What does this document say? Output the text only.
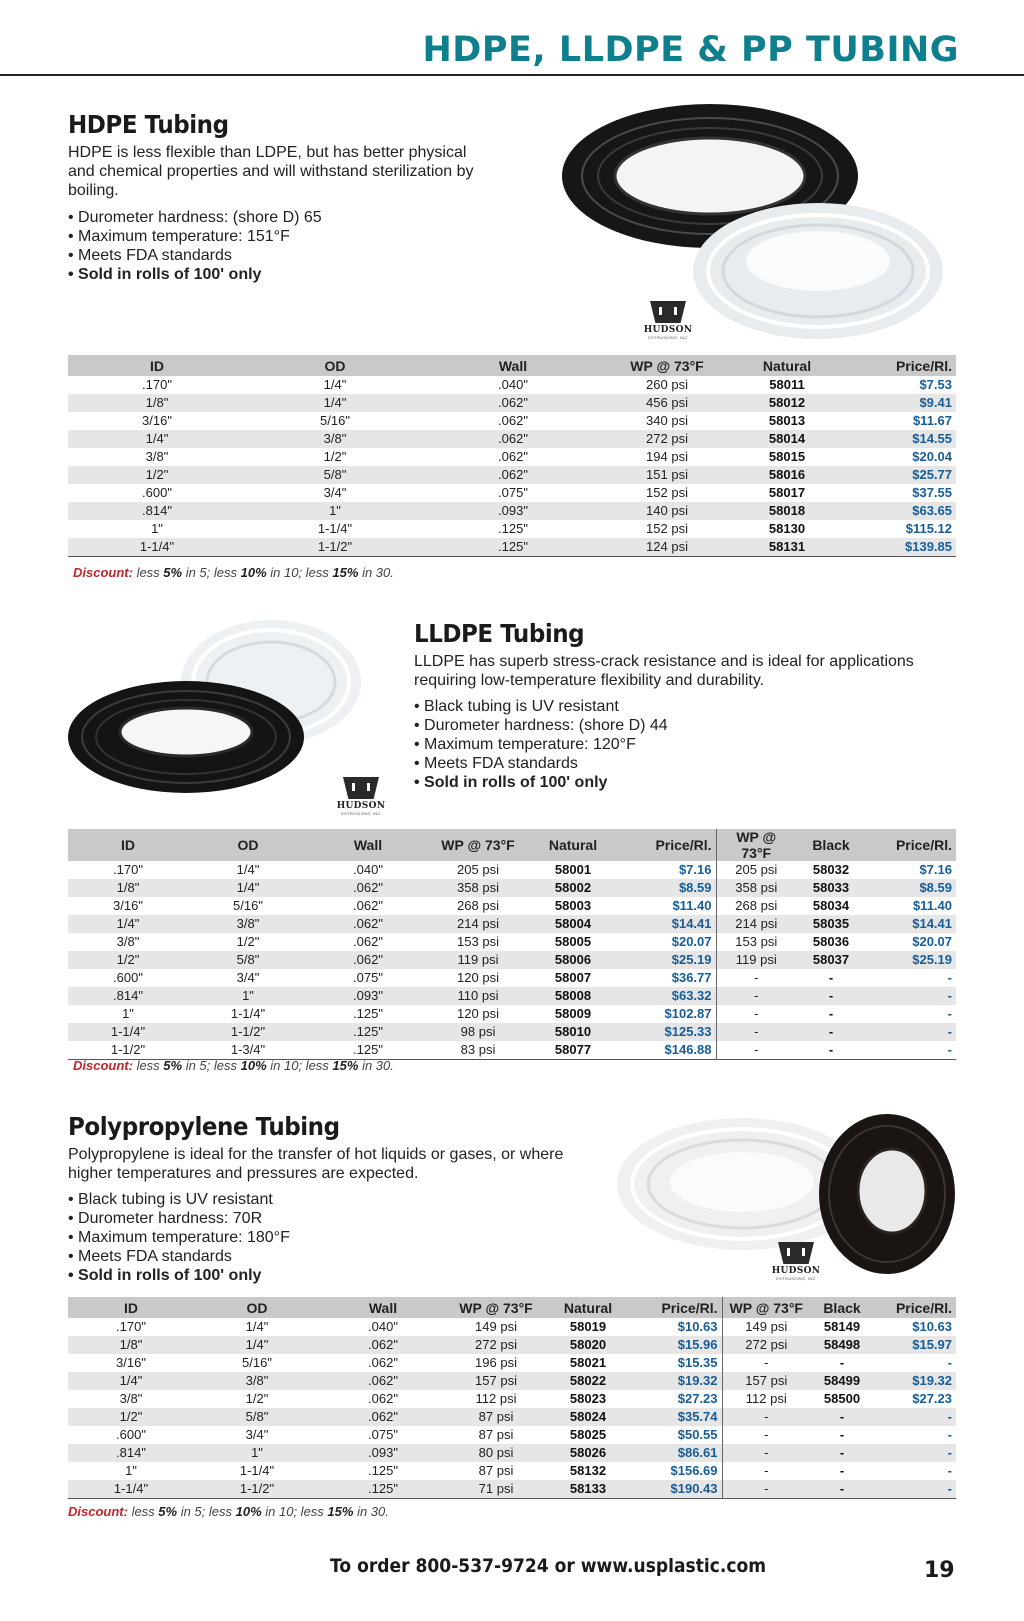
HDPE, LLDPE & PP TUBING
HDPE Tubing
HDPE is less flexible than LDPE, but has better physical and chemical properties and will withstand sterilization by boiling.
• Durometer hardness: (shore D) 65
• Maximum temperature: 151°F
• Meets FDA standards
• Sold in rolls of 100' only
HUDSON
EXTRUSIONS, INC
ID	OD	Wall	WP @ 73°F	Natural	Price/Rl.
.170"	1/4"	.040"	260 psi	58011	$7.53
1/8"	1/4"	.062"	456 psi	58012	$9.41
3/16"	5/16"	.062"	340 psi	58013	$11.67
1/4"	3/8"	.062"	272 psi	58014	$14.55
3/8"	1/2"	.062"	194 psi	58015	$20.04
1/2"	5/8"	.062"	151 psi	58016	$25.77
.600"	3/4"	.075"	152 psi	58017	$37.55
.814"	1"	.093"	140 psi	58018	$63.65
1"	1-1/4"	.125"	152 psi	58130	$115.12
1-1/4"	1-1/2"	.125"	124 psi	58131	$139.85
Discount: less 5% in 5; less 10% in 10; less 15% in 30.
HUDSON
EXTRUSIONS, INC
LLDPE Tubing
LLDPE has superb stress-crack resistance and is ideal for applications requiring low-temperature flexibility and durability.
• Black tubing is UV resistant
• Durometer hardness: (shore D) 44
• Maximum temperature: 120°F
• Meets FDA standards
• Sold in rolls of 100' only
ID	OD	Wall	WP @ 73°F	Natural	Price/Rl.	WP @ 73°F	Black	Price/Rl.
.170"	1/4"	.040"	205 psi	58001	$7.16	205 psi	58032	$7.16
1/8"	1/4"	.062"	358 psi	58002	$8.59	358 psi	58033	$8.59
3/16"	5/16"	.062"	268 psi	58003	$11.40	268 psi	58034	$11.40
1/4"	3/8"	.062"	214 psi	58004	$14.41	214 psi	58035	$14.41
3/8"	1/2"	.062"	153 psi	58005	$20.07	153 psi	58036	$20.07
1/2"	5/8"	.062"	119 psi	58006	$25.19	119 psi	58037	$25.19
.600"	3/4"	.075"	120 psi	58007	$36.77	-	-	-
.814"	1"	.093"	110 psi	58008	$63.32	-	-	-
1"	1-1/4"	.125"	120 psi	58009	$102.87	-	-	-
1-1/4"	1-1/2"	.125"	98 psi	58010	$125.33	-	-	-
1-1/2"	1-3/4"	.125"	83 psi	58077	$146.88	-	-	-
Discount: less 5% in 5; less 10% in 10; less 15% in 30.
Polypropylene Tubing
Polypropylene is ideal for the transfer of hot liquids or gases, or where higher temperatures and pressures are expected.
• Black tubing is UV resistant
• Durometer hardness: 70R
• Maximum temperature: 180°F
• Meets FDA standards
• Sold in rolls of 100' only	HUDSON
EXTRUSIONS, INC
ID	OD	Wall	WP @ 73°F	Natural	Price/Rl.	WP @ 73°F	Black	Price/Rl.
.170"	1/4"	.040"	149 psi	58019	$10.63	149 psi	58149	$10.63
1/8"	1/4"	.062"	272 psi	58020	$15.96	272 psi	58498	$15.97
3/16"	5/16"	.062"	196 psi	58021	$15.35	-	-	-
1/4"	3/8"	.062"	157 psi	58022	$19.32	157 psi	58499	$19.32
3/8"	1/2"	.062"	112 psi	58023	$27.23	112 psi	58500	$27.23
1/2"	5/8"	.062"	87 psi	58024	$35.74	-	-	-
.600"	3/4"	.075"	87 psi	58025	$50.55	-	-	-
.814"	1"	.093"	80 psi	58026	$86.61	-	-	-
1"	1-1/4"	.125"	87 psi	58132	$156.69	-	-	-
1-1/4"	1-1/2"	.125"	71 psi	58133	$190.43	-	-	-
Discount: less 5% in 5; less 10% in 10; less 15% in 30.
To order 800-537-9724 or www.usplastic.com	19
